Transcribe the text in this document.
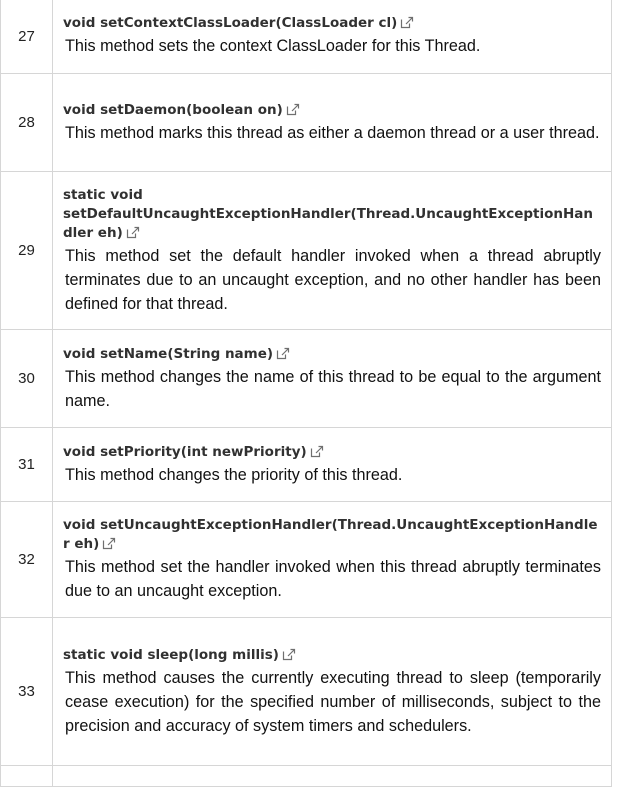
27	void setContextClassLoader(ClassLoader cl)
This method sets the context ClassLoader for this Thread.

28	void setDaemon(boolean on)
This method marks this thread as either a daemon thread or a user thread.

29	static void
setDefaultUncaughtExceptionHandler(Thread.UncaughtExceptionHandler eh)
This method set the default handler invoked when a thread abruptly terminates due to an uncaught exception, and no other handler has been defined for that thread.

30	void setName(String name)
This method changes the name of this thread to be equal to the argument name.

31	void setPriority(int newPriority)
This method changes the priority of this thread.

32	void setUncaughtExceptionHandler(Thread.UncaughtExceptionHandler eh)
This method set the handler invoked when this thread abruptly terminates due to an uncaught exception.

33	static void sleep(long millis)
This method causes the currently executing thread to sleep (temporarily cease execution) for the specified number of milliseconds, subject to the precision and accuracy of system timers and schedulers.
